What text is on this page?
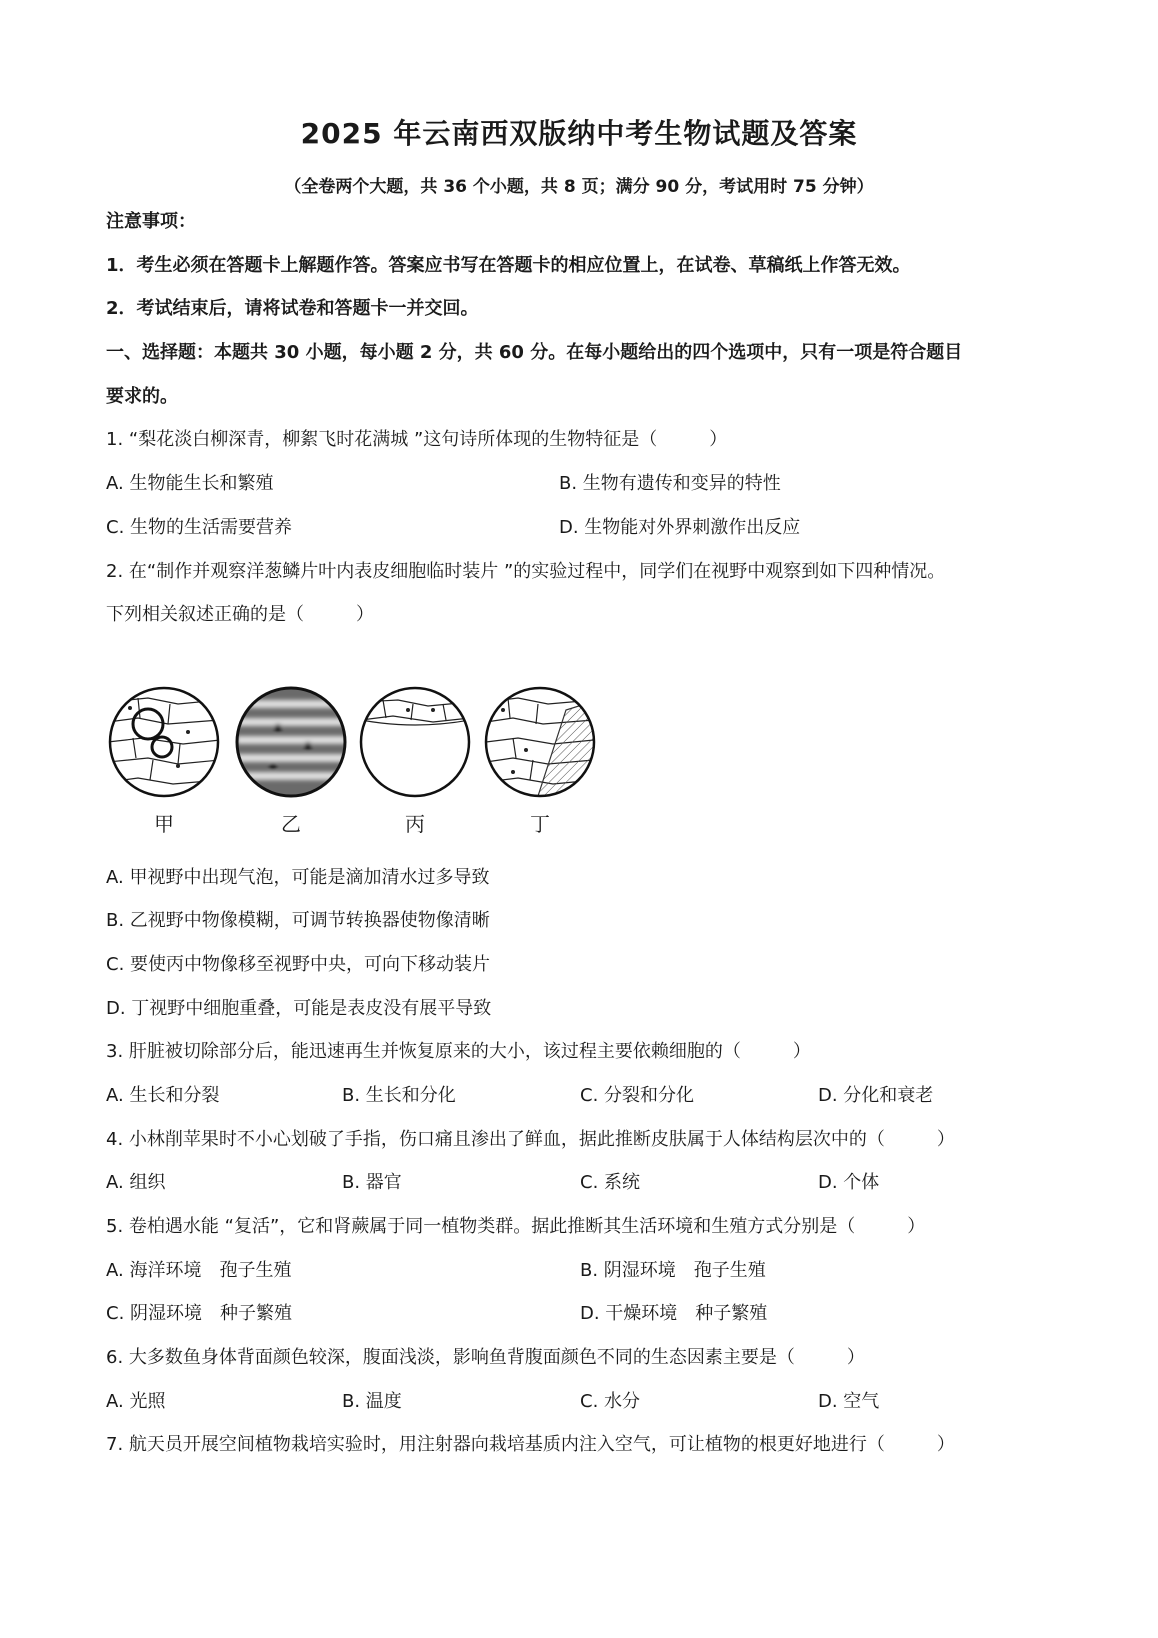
2025 年云南西双版纳中考生物试题及答案
（全卷两个大题，共 36 个小题，共 8 页；满分 90 分，考试用时 75 分钟）
注意事项：
1．考生必须在答题卡上解题作答。答案应书写在答题卡的相应位置上，在试卷、草稿纸上作答无效。
2．考试结束后，请将试卷和答题卡一并交回。
一、选择题：本题共 30 小题，每小题 2 分，共 60 分。在每小题给出的四个选项中，只有一项是符合题目
要求的。
1. “梨花淡白柳深青，柳絮飞时花满城 ”这句诗所体现的生物特征是（	）
A. 生物能生长和繁殖	B. 生物有遗传和变异的特性
C. 生物的生活需要营养	D. 生物能对外界刺激作出反应
2. 在“制作并观察洋葱鳞片叶内表皮细胞临时装片 ”的实验过程中，同学们在视野中观察到如下四种情况。
下列相关叙述正确的是（	）
甲	乙	丙	丁
A. 甲视野中出现气泡，可能是滴加清水过多导致
B. 乙视野中物像模糊，可调节转换器使物像清晰
C. 要使丙中物像移至视野中央，可向下移动装片
D. 丁视野中细胞重叠，可能是表皮没有展平导致
3. 肝脏被切除部分后，能迅速再生并恢复原来的大小，该过程主要依赖细胞的（	）
A. 生长和分裂	B. 生长和分化	C. 分裂和分化	D. 分化和衰老
4. 小林削苹果时不小心划破了手指，伤口痛且渗出了鲜血，据此推断皮肤属于人体结构层次中的（	）
A. 组织	B. 器官	C. 系统	D. 个体
5. 卷柏遇水能 “复活”，它和肾蕨属于同一植物类群。据此推断其生活环境和生殖方式分别是（	）
A. 海洋环境　孢子生殖	B. 阴湿环境　孢子生殖
C. 阴湿环境　种子繁殖	D. 干燥环境　种子繁殖
6. 大多数鱼身体背面颜色较深，腹面浅淡，影响鱼背腹面颜色不同的生态因素主要是（	）
A. 光照	B. 温度	C. 水分	D. 空气
7. 航天员开展空间植物栽培实验时，用注射器向栽培基质内注入空气，可让植物的根更好地进行（	）
